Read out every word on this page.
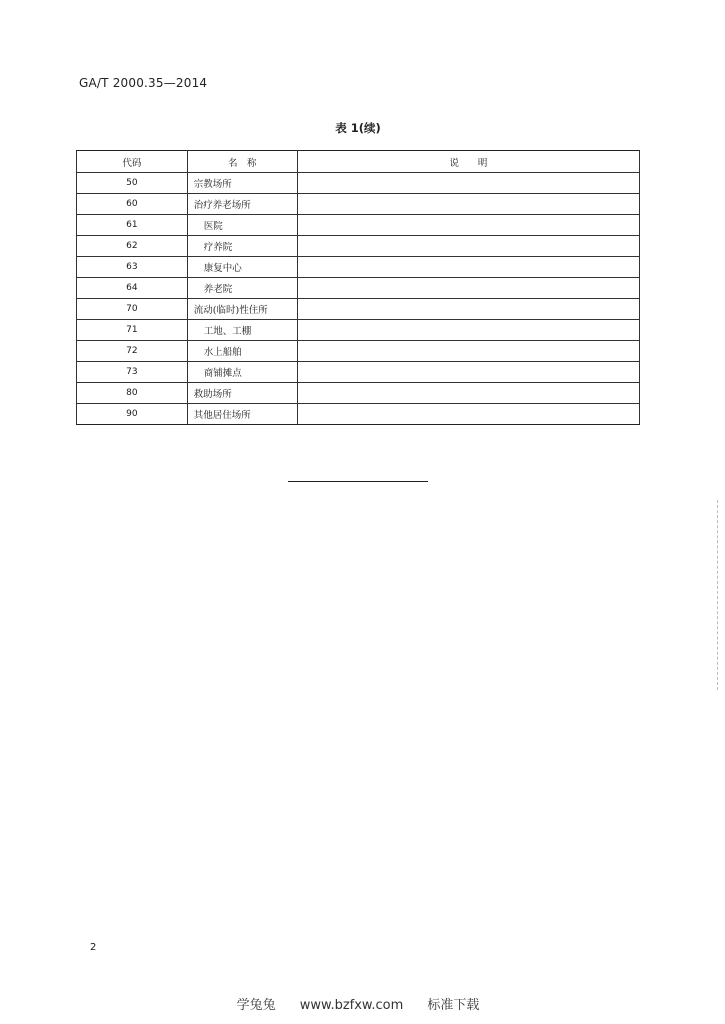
GA/T 2000.35—2014
表 1(续)
代码	名　称	说　　明
50	宗教场所	
60	治疗养老场所	
61	医院	
62	疗养院	
63	康复中心	
64	养老院	
70	流动(临时)性住所	
71	工地、工棚	
72	水上船舶	
73	商铺摊点	
80	救助场所	
90	其他居住场所	
2
学兔兔 www.bzfxw.com 标准下载
